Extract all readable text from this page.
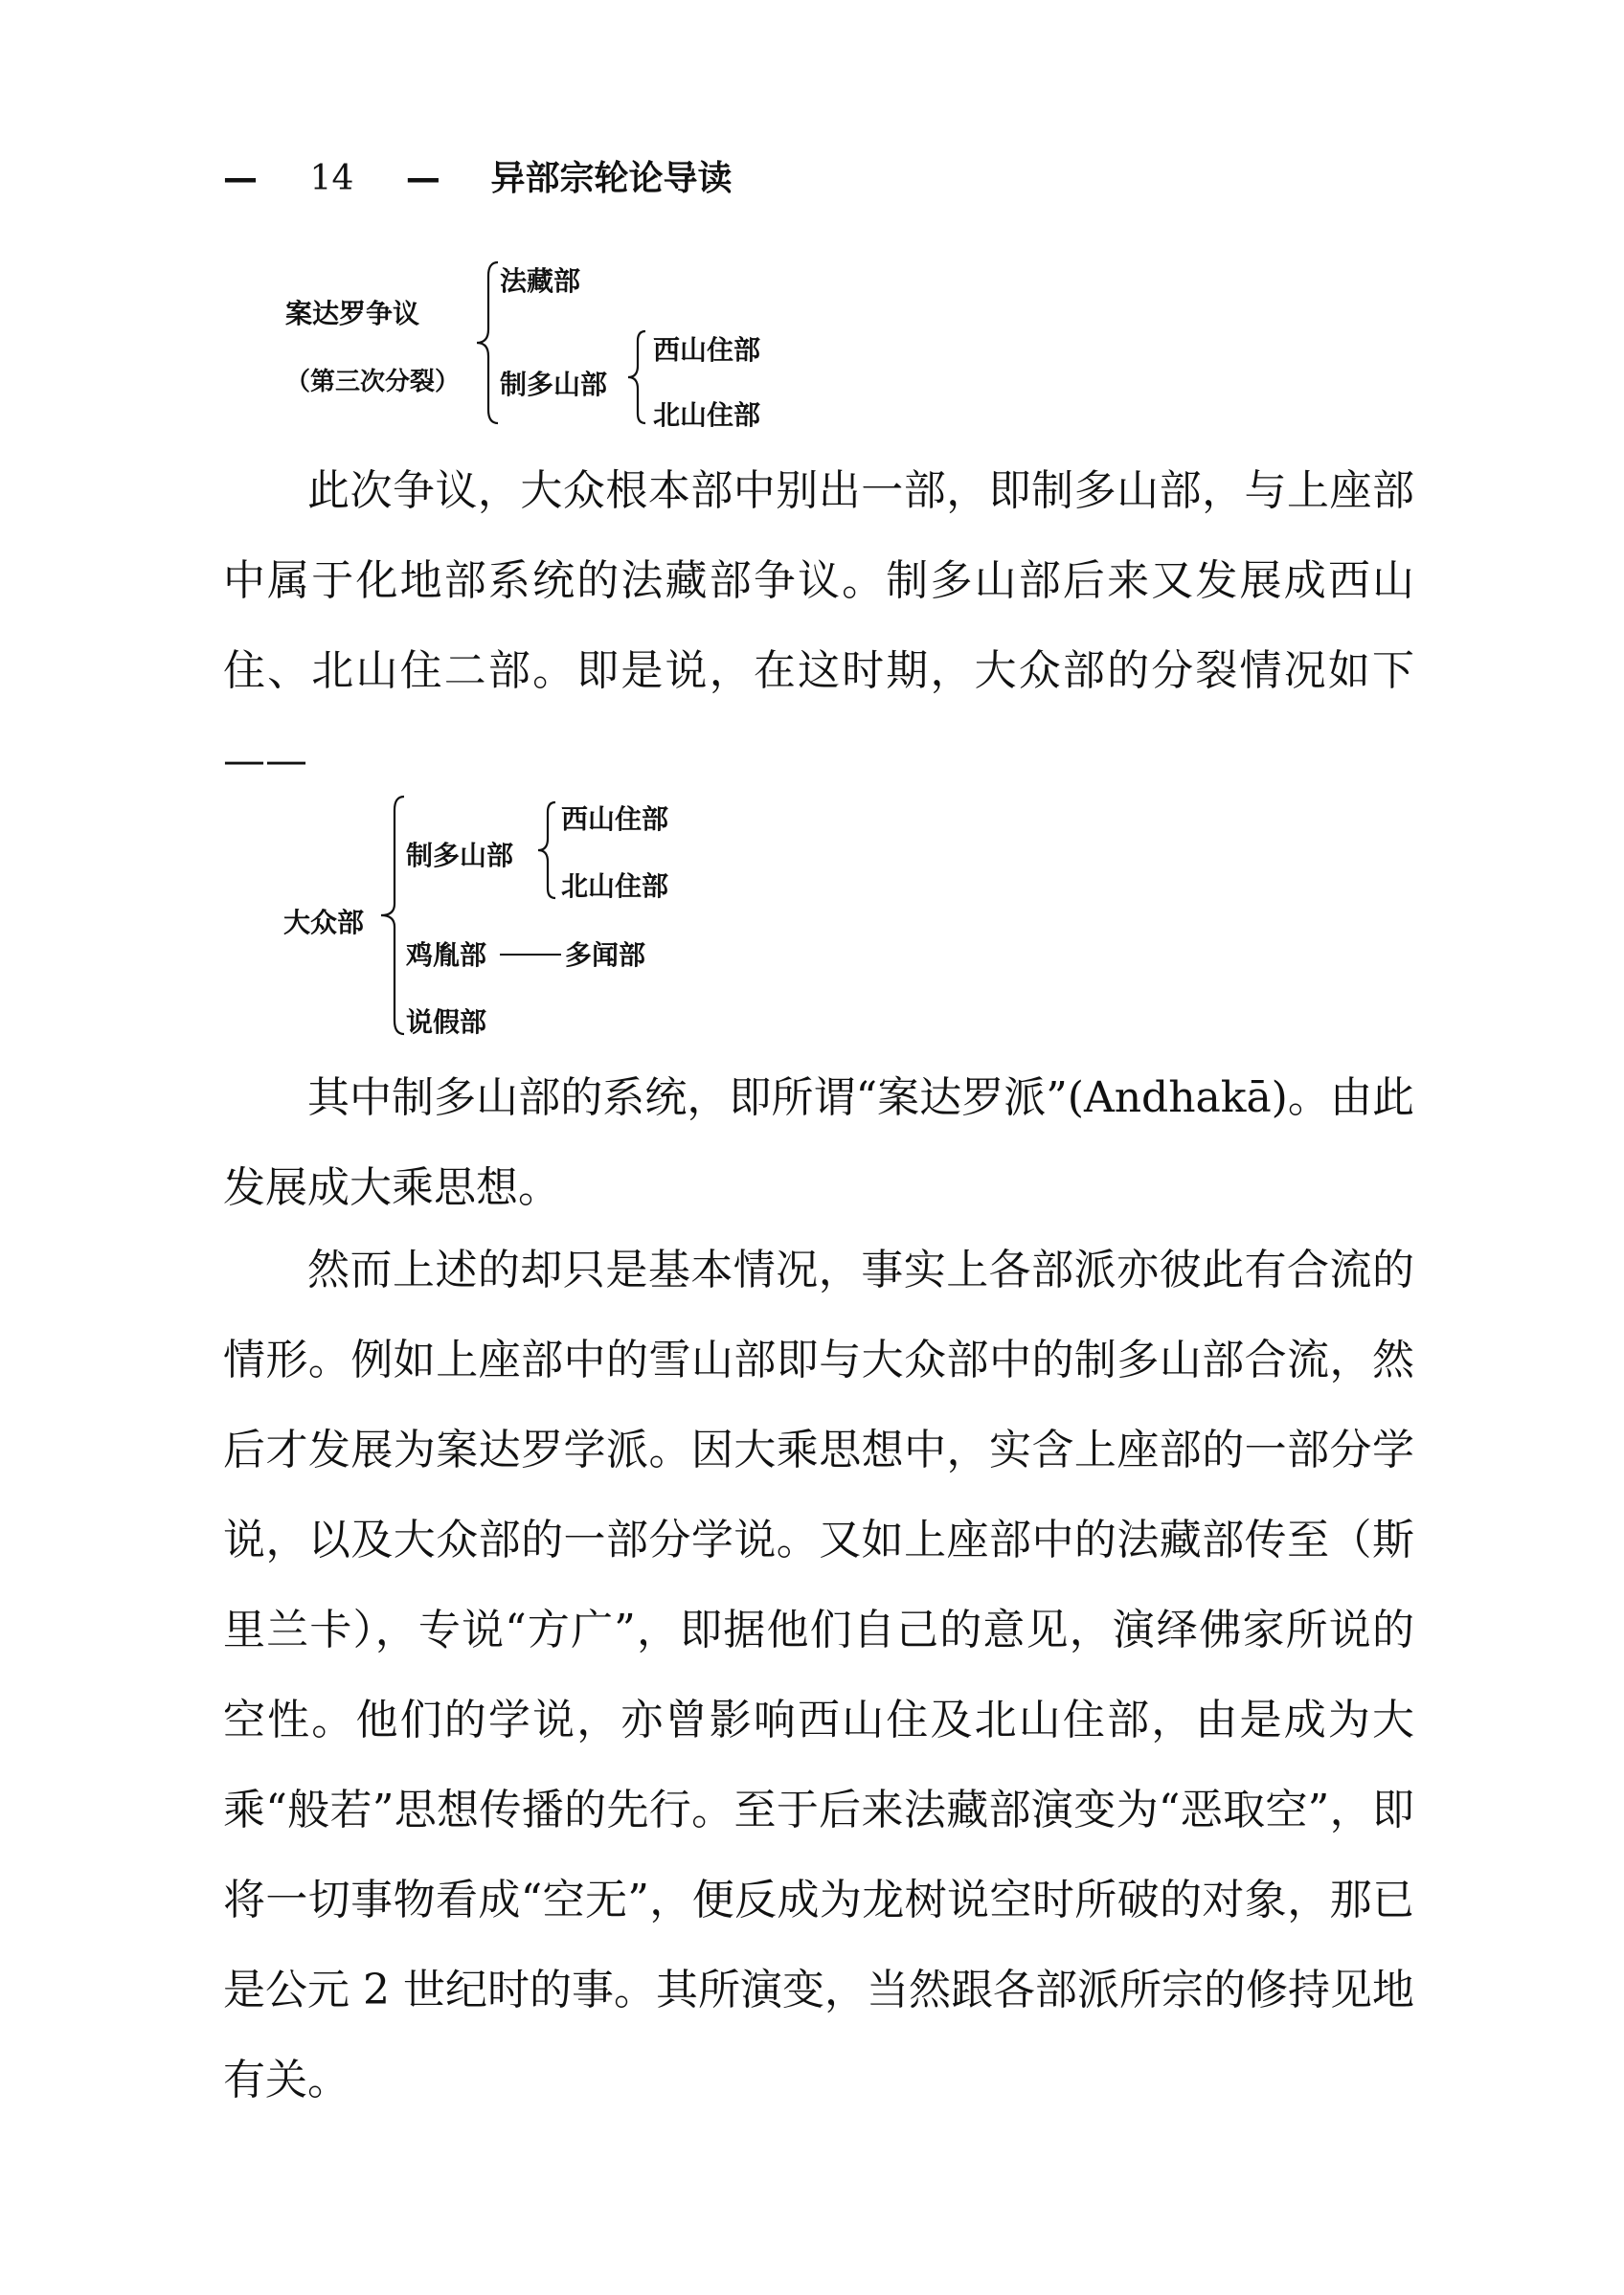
— 14 — 异部宗轮论导读
案达罗争议
（第三次分裂）
法藏部
制多山部
西山住部
北山住部

此次争议，大众根本部中别出一部，即制多山部，与上座部中属于化地部系统的法藏部争议。制多山部后来又发展成西山住、北山住二部。即是说，在这时期，大众部的分裂情况如下——

大众部
制多山部
西山住部
北山住部
鸡胤部	多闻部
说假部

其中制多山部的系统，即所谓“案达罗派”(Andhakā)。由此发展成大乘思想。

然而上述的却只是基本情况，事实上各部派亦彼此有合流的情形。例如上座部中的雪山部即与大众部中的制多山部合流，然后才发展为案达罗学派。因大乘思想中，实含上座部的一部分学说，以及大众部的一部分学说。又如上座部中的法藏部传至（斯里兰卡），专说“方广”，即据他们自己的意见，演绎佛家所说的空性。他们的学说，亦曾影响西山住及北山住部，由是成为大乘“般若”思想传播的先行。至于后来法藏部演变为“恶取空”，即将一切事物看成“空无”，便反成为龙树说空时所破的对象，那已是公元 2 世纪时的事。其所演变，当然跟各部派所宗的修持见地有关。
